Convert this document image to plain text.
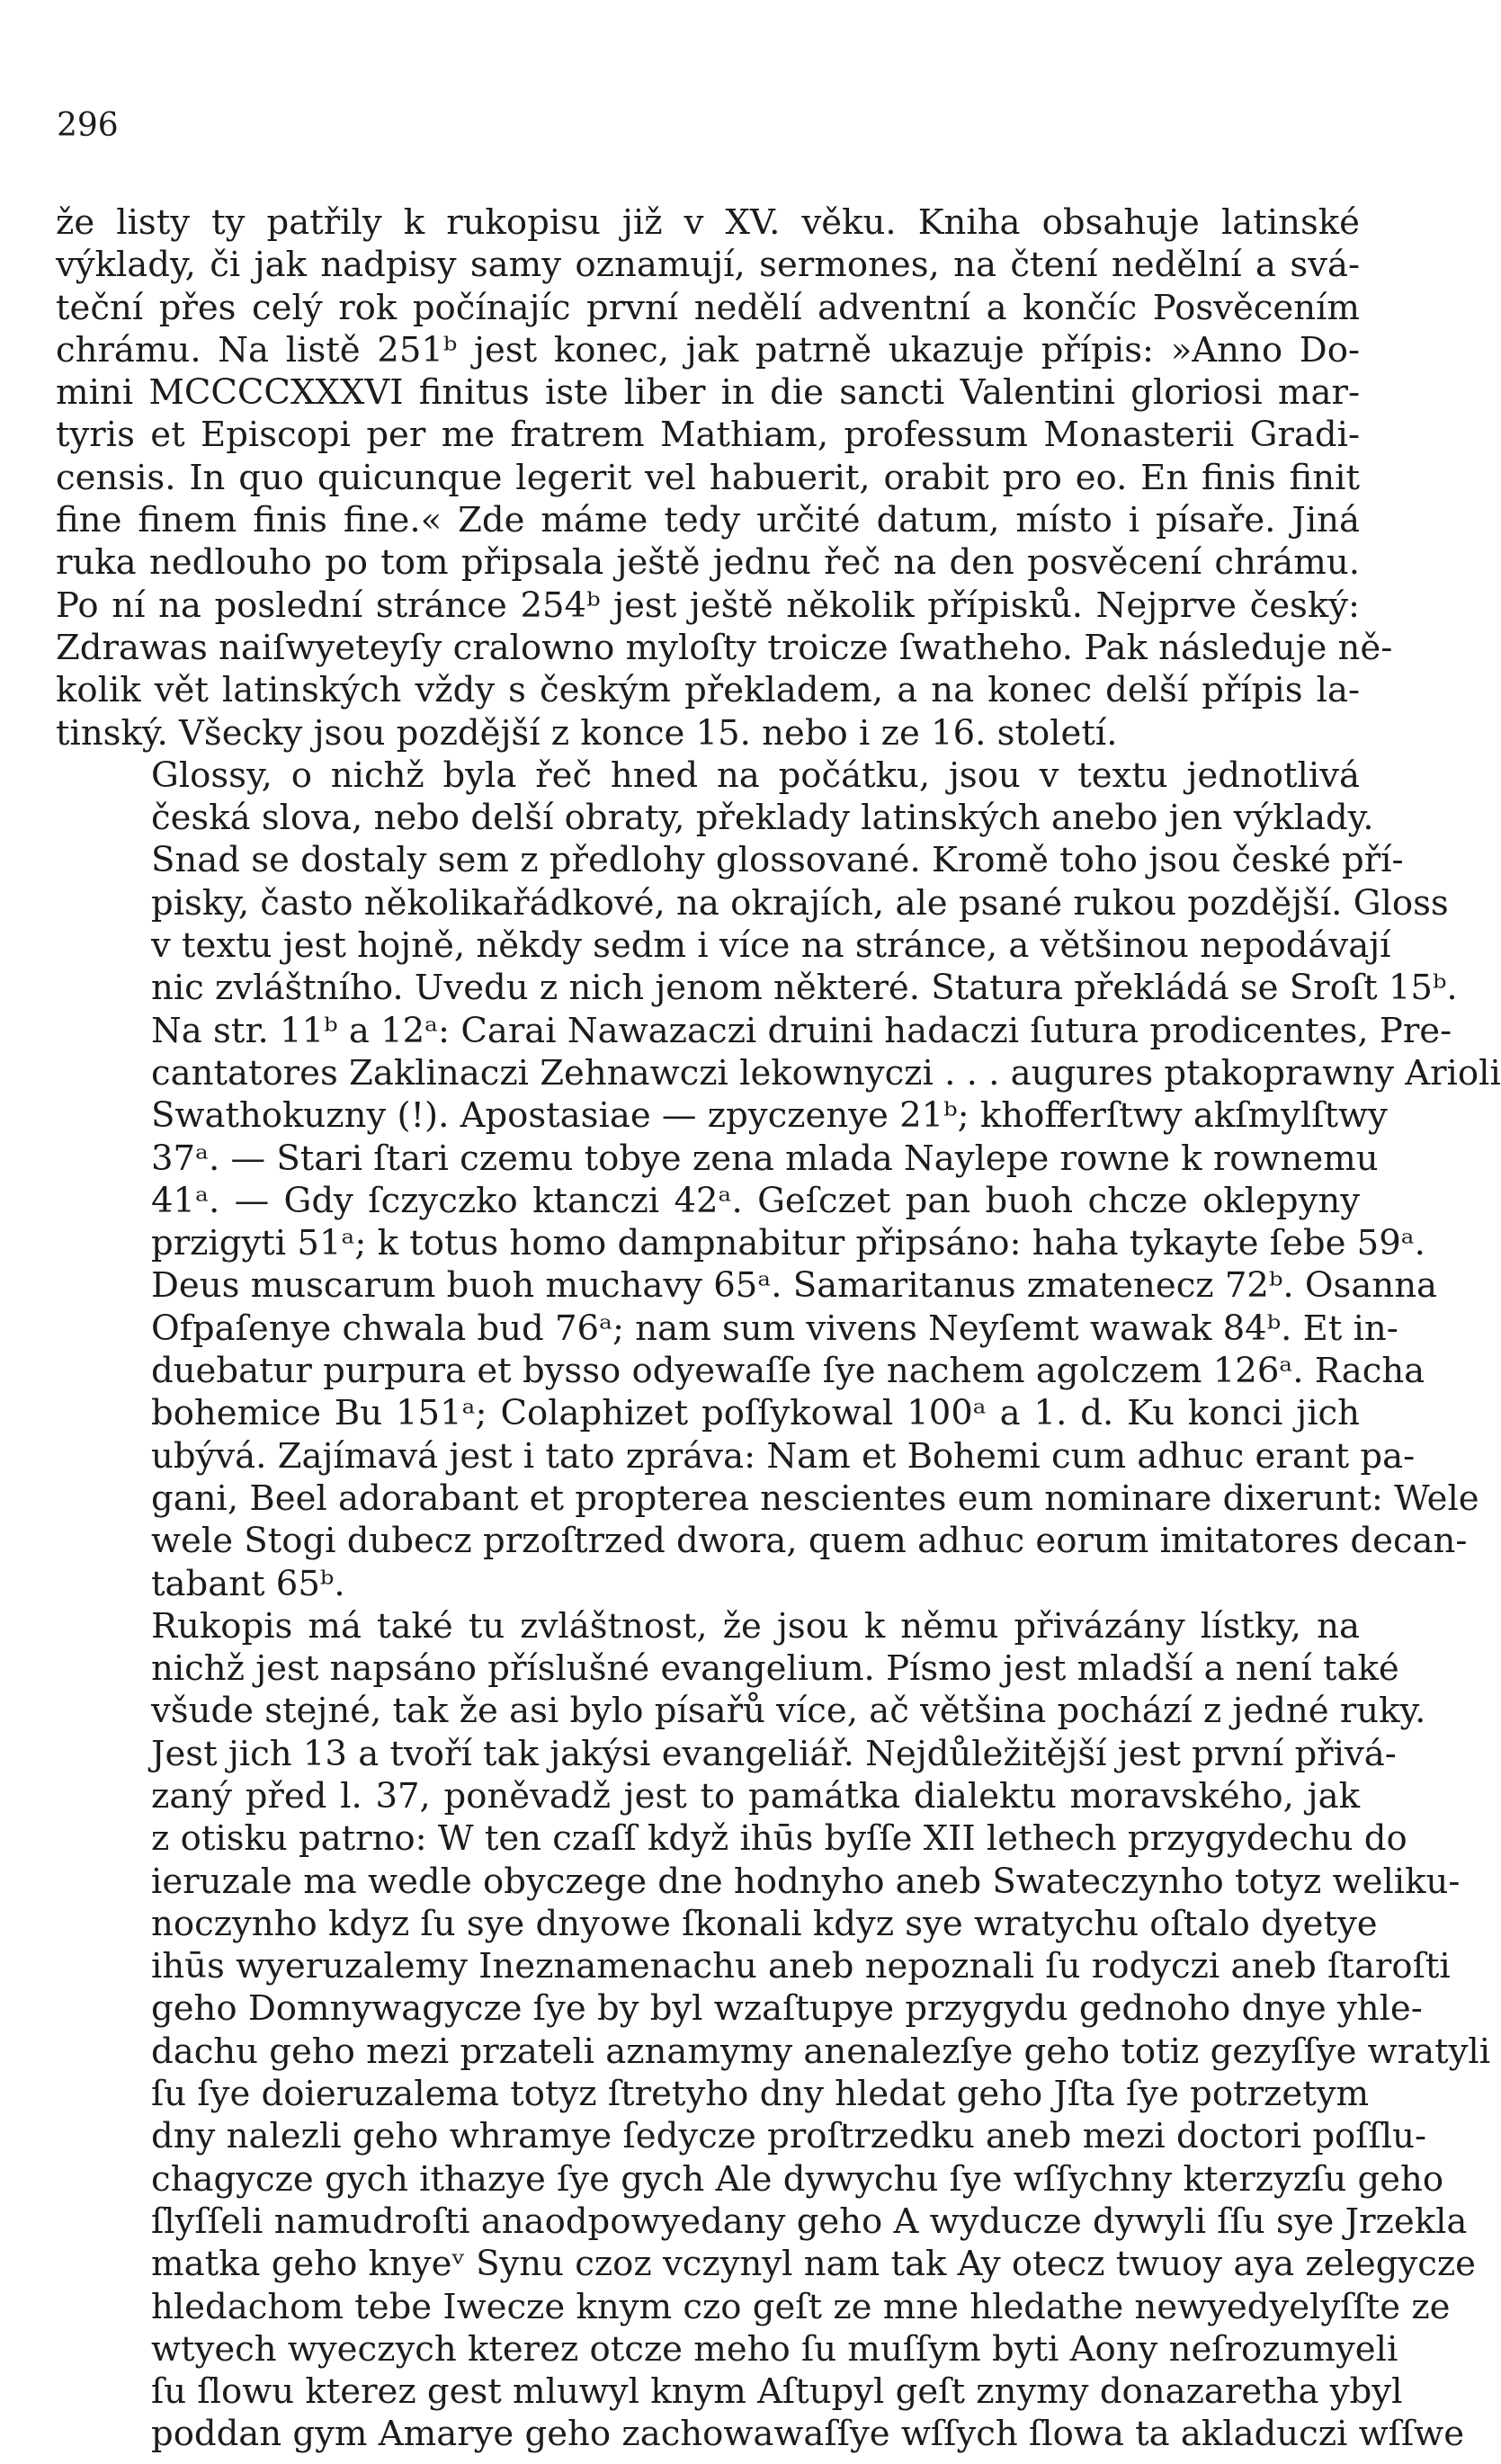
296

že listy ty patřily k rukopisu již v XV. věku. Kniha obsahuje latinské
výklady, či jak nadpisy samy oznamují, sermones, na čtení nedělní a svá-
teční přes celý rok počínajíc první nedělí adventní a končíc Posvěcením
chrámu. Na listě 251ᵇ jest konec, jak patrně ukazuje přípis: »Anno Do-
mini MCCCCXXXVI finitus iste liber in die sancti Valentini gloriosi mar-
tyris et Episcopi per me fratrem Mathiam, professum Monasterii Gradi-
censis. In quo quicunque legerit vel habuerit, orabit pro eo. En finis finit
fine finem finis fine.« Zde máme tedy určité datum, místo i písaře. Jiná
ruka nedlouho po tom připsala ještě jednu řeč na den posvěcení chrámu.
Po ní na poslední stránce 254ᵇ jest ještě několik přípisků. Nejprve český:
Zdrawas naiſwyeteyſy cralowno myloſty troicze ſwatheho. Pak následuje ně-
kolik vět latinských vždy s českým překladem, a na konec delší přípis la-
tinský. Všecky jsou pozdější z konce 15. nebo i ze 16. století.

Glossy, o nichž byla řeč hned na počátku, jsou v textu jednotlivá
česká slova, nebo delší obraty, překlady latinských anebo jen výklady.
Snad se dostaly sem z předlohy glossované. Kromě toho jsou české pří-
pisky, často několikařádkové, na okrajích, ale psané rukou pozdější. Gloss
v textu jest hojně, někdy sedm i více na stránce, a většinou nepodávají
nic zvláštního. Uvedu z nich jenom některé. Statura překládá se Sroſt 15ᵇ.
Na str. 11ᵇ a 12ᵃ: Carai Nawazaczi druini hadaczi ſutura prodicentes, Pre-
cantatores Zaklinaczi Zehnawczi lekownyczi . . . augures ptakoprawny Arioli
Swathokuzny (!). Apostasiae — zpyczenye 21ᵇ; khofferſtwy akſmylſtwy
37ᵃ. — Stari ſtari czemu tobye zena mlada Naylepe rowne k rownemu
41ᵃ. — Gdy ſczyczko ktanczi 42ᵃ. Geſczet pan buoh chcze oklepyny
przigyti 51ᵃ; k totus homo dampnabitur připsáno: haha tykayte ſebe 59ᵃ.
Deus muscarum buoh muchavy 65ᵃ. Samaritanus zmatenecz 72ᵇ. Osanna
Ofpaſenye chwala bud 76ᵃ; nam sum vivens Neyſemt wawak 84ᵇ. Et in-
duebatur purpura et bysso odyewaſſe ſye nachem agolczem 126ᵃ. Racha
bohemice Bu 151ᵃ; Colaphizet poſſykowal 100ᵃ a 1. d. Ku konci jich
ubývá. Zajímavá jest i tato zpráva: Nam et Bohemi cum adhuc erant pa-
gani, Beel adorabant et propterea nescientes eum nominare dixerunt: Wele
wele Stogi dubecz przoſtrzed dwora, quem adhuc eorum imitatores decan-
tabant 65ᵇ.

Rukopis má také tu zvláštnost, že jsou k němu přivázány lístky, na
nichž jest napsáno příslušné evangelium. Písmo jest mladší a není také
všude stejné, tak že asi bylo písařů více, ač většina pochází z jedné ruky.
Jest jich 13 a tvoří tak jakýsi evangeliář. Nejdůležitější jest první přivá-
zaný před l. 37, poněvadž jest to památka dialektu moravského, jak
z otisku patrno: W ten czaſſ když ihūs byſſe XII lethech przygydechu do
ieruzale ma wedle obyczege dne hodnyho aneb Swateczynho totyz weliku-
noczynho kdyz ſu sye dnyowe ſkonali kdyz sye wratychu oſtalo dyetye
ihūs wyeruzalemy Ineznamenachu aneb nepoznali ſu rodyczi aneb ſtaroſti
geho Domnywagycze ſye by byl wzaſtupye przygydu gednoho dnye yhle-
dachu geho mezi przateli aznamymy anenalezſye geho totiz gezyſſye wratyli
ſu ſye doieruzalema totyz ſtretyho dny hledat geho Jſta ſye potrzetym
dny nalezli geho whramye ſedycze proſtrzedku aneb mezi doctori poſſlu-
chagycze gych ithazye ſye gych Ale dywychu ſye wſſychny kterzyzſu geho
ſlyſſeli namudroſti anaodpowyedany geho A wyducze dywyli ſſu sye Jrzekla
matka geho knyeᵛ Synu czoz vczynyl nam tak Ay otecz twuoy aya zelegycze
hledachom tebe Iwecze knym czo geſt ze mne hledathe newyedyelyſſte ze
wtyech wyeczych kterez otcze meho ſu muſſym byti Aony neſrozumyeli
ſu ſlowu kterez gest mluwyl knym Aſtupyl geſt znymy donazaretha ybyl
poddan gym Amarye geho zachowawaſſye wſſych ſlowa ta akladuczi wſſwe
